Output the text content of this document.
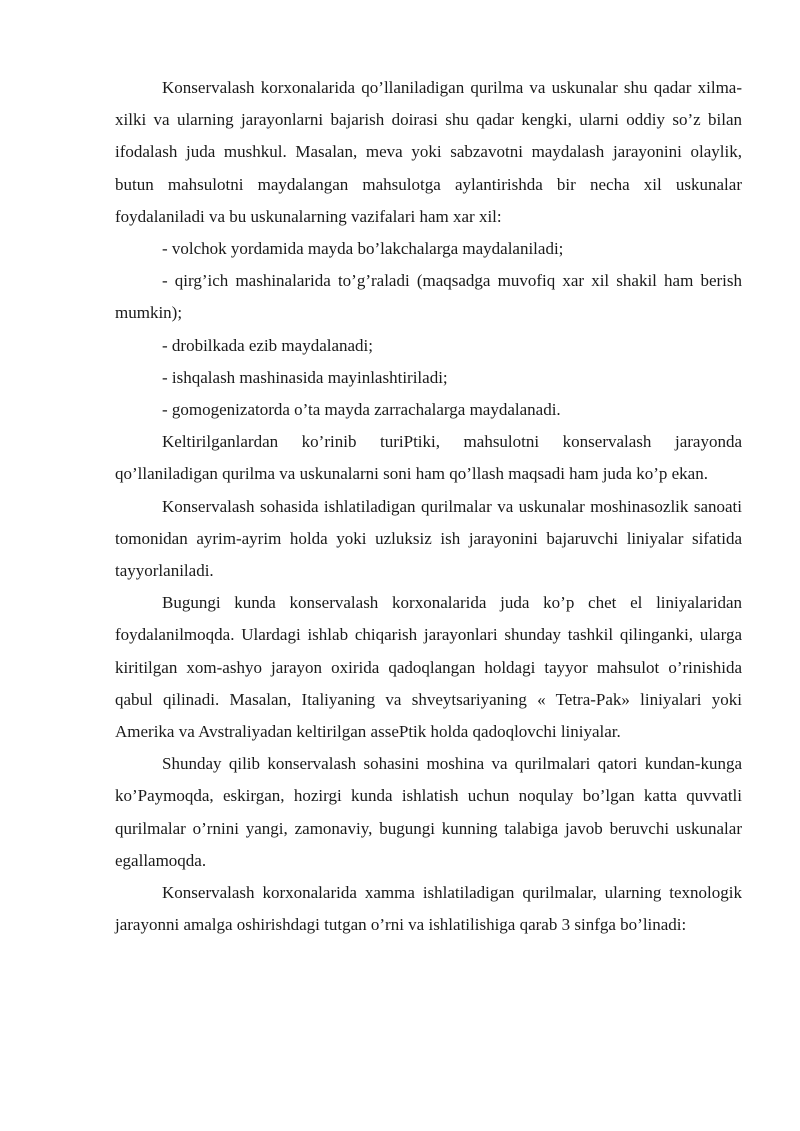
Konservalash korxonalarida qo’llaniladigan qurilma va uskunalar shu qadar xilma-xilki va ularning jarayonlarni bajarish doirasi shu qadar kengki, ularni oddiy so’z bilan ifodalash juda mushkul. Masalan, meva yoki sabzavotni maydalash jarayonini olaylik, butun mahsulotni maydalangan mahsulotga aylantirishda bir necha xil uskunalar foydalaniladi va bu uskunalarning vazifalari ham xar xil:

- volchok yordamida mayda bo’lakchalarga maydalaniladi;

- qirg’ich mashinalarida to’g’raladi (maqsadga muvofiq xar xil shakil ham berish mumkin);

- drobilkada ezib maydalanadi;

- ishqalash mashinasida mayinlashtiriladi;

- gomogenizatorda o’ta mayda zarrachalarga maydalanadi.

Keltirilganlardan ko’rinib turiPtiki, mahsulotni konservalash jarayonda qo’llaniladigan qurilma va uskunalarni soni ham qo’llash maqsadi ham juda ko’p ekan.

Konservalash sohasida ishlatiladigan qurilmalar va uskunalar moshinasozlik sanoati tomonidan ayrim-ayrim holda yoki uzluksiz ish jarayonini bajaruvchi liniyalar sifatida tayyorlaniladi.

Bugungi kunda konservalash korxonalarida juda ko’p chet el liniyalaridan foydalanilmoqda. Ulardagi ishlab chiqarish jarayonlari shunday tashkil qilinganki, ularga kiritilgan xom-ashyo jarayon oxirida qadoqlangan holdagi tayyor mahsulot o’rinishida qabul qilinadi. Masalan, Italiyaning va shveytsariyaning « Tetra-Pak» liniyalari yoki Amerika va Avstraliyadan keltirilgan assePtik holda qadoqlovchi liniyalar.

Shunday qilib konservalash sohasini moshina va qurilmalari qatori kundan-kunga ko’Paymoqda, eskirgan, hozirgi kunda ishlatish uchun noqulay bo’lgan katta quvvatli qurilmalar o’rnini yangi, zamonaviy, bugungi kunning talabiga javob beruvchi uskunalar egallamoqda.

Konservalash korxonalarida xamma ishlatiladigan qurilmalar, ularning texnologik jarayonni amalga oshirishdagi tutgan o’rni va ishlatilishiga qarab 3 sinfga bo’linadi:
